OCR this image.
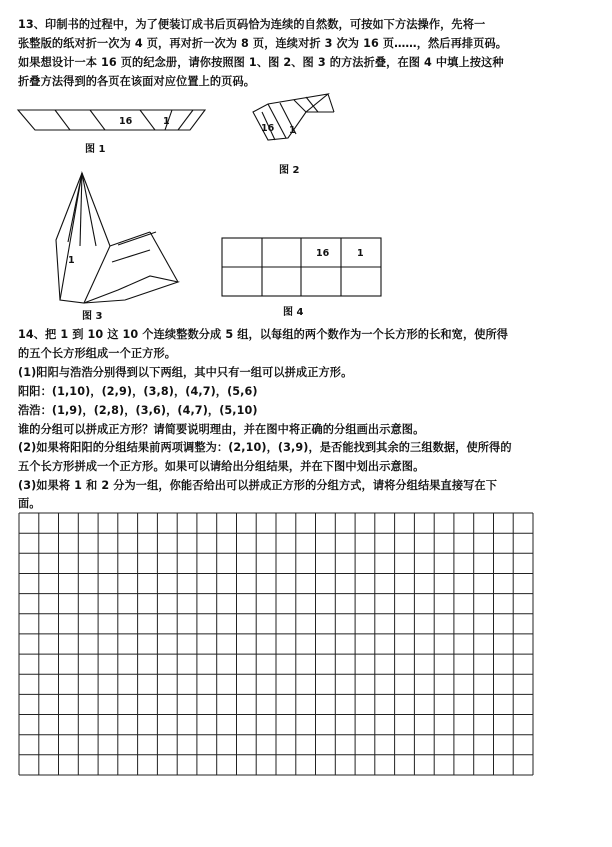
13、印制书的过程中，为了便装订成书后页码恰为连续的自然数，可按如下方法操作，先将一
张整版的纸对折一次为 4 页，再对折一次为 8 页，连续对折 3 次为 16 页……，然后再排页码。
如果想设计一本 16 页的纪念册，请你按照图 1、图 2、图 3 的方法折叠，在图 4 中填上按这种
折叠方法得到的各页在该面对应位置上的页码。
16	1
16 1
1
16	1
图 1
图 2
图 3	图 4
14、把 1 到 10 这 10 个连续整数分成 5 组，以每组的两个数作为一个长方形的长和宽，使所得
的五个长方形组成一个正方形。
(1)阳阳与浩浩分别得到以下两组，其中只有一组可以拼成正方形。
阳阳：(1,10)，(2,9)，(3,8)，(4,7)，(5,6)
浩浩：(1,9)，(2,8)，(3,6)，(4,7)，(5,10)
谁的分组可以拼成正方形？请简要说明理由，并在图中将正确的分组画出示意图。
(2)如果将阳阳的分组结果前两项调整为：(2,10)，(3,9)，是否能找到其余的三组数据，使所得的
五个长方形拼成一个正方形。如果可以请给出分组结果，并在下图中划出示意图。
(3)如果将 1 和 2 分为一组，你能否给出可以拼成正方形的分组方式，请将分组结果直接写在下
面。
